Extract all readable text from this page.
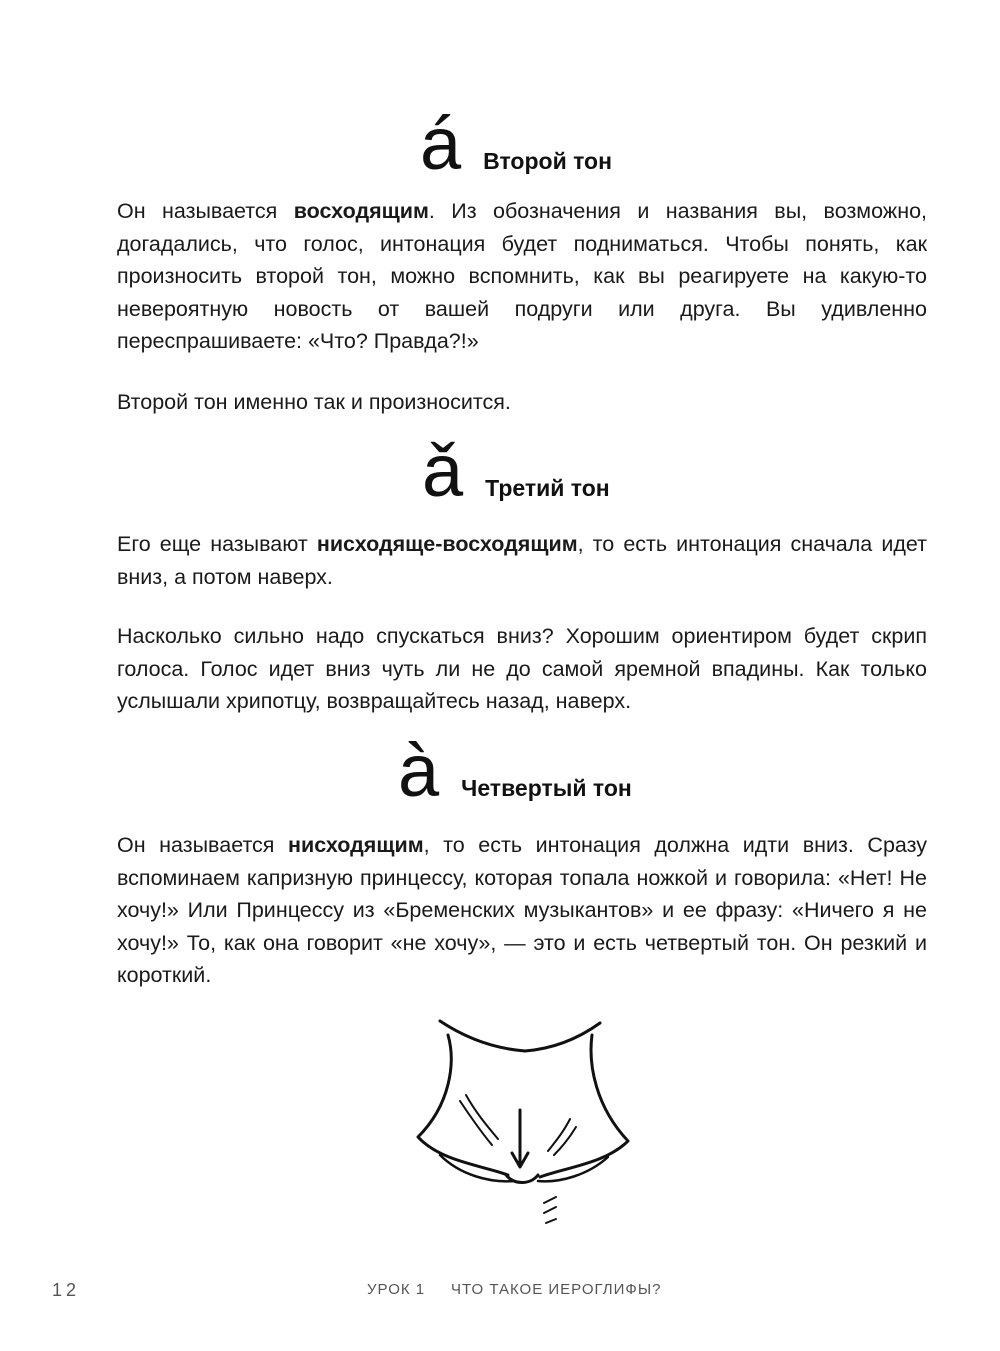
á Второй тон

Он называется восходящим. Из обозначения и названия вы, возможно, догадались, что голос, интонация будет подниматься. Чтобы понять, как произносить второй тон, можно вспомнить, как вы реагируете на какую-то невероятную новость от вашей подруги или друга. Вы удивленно переспрашиваете: «Что? Правда?!»

Второй тон именно так и произносится.

ǎ Третий тон

Его еще называют нисходяще-восходящим, то есть интонация сначала идет вниз, а потом наверх.

Насколько сильно надо спускаться вниз? Хорошим ориентиром будет скрип голоса. Голос идет вниз чуть ли не до самой яремной впадины. Как только услышали хрипотцу, возвращайтесь назад, наверх.

à Четвертый тон

Он называется нисходящим, то есть интонация должна идти вниз. Сразу вспоминаем капризную принцессу, которая топала ножкой и говорила: «Нет! Не хочу!» Или Принцессу из «Бременских музыкантов» и ее фразу: «Ничего я не хочу!» То, как она говорит «не хочу», — это и есть четвертый тон. Он резкий и короткий.

12	УРОК 1 ЧТО ТАКОЕ ИЕРОГЛИФЫ?
